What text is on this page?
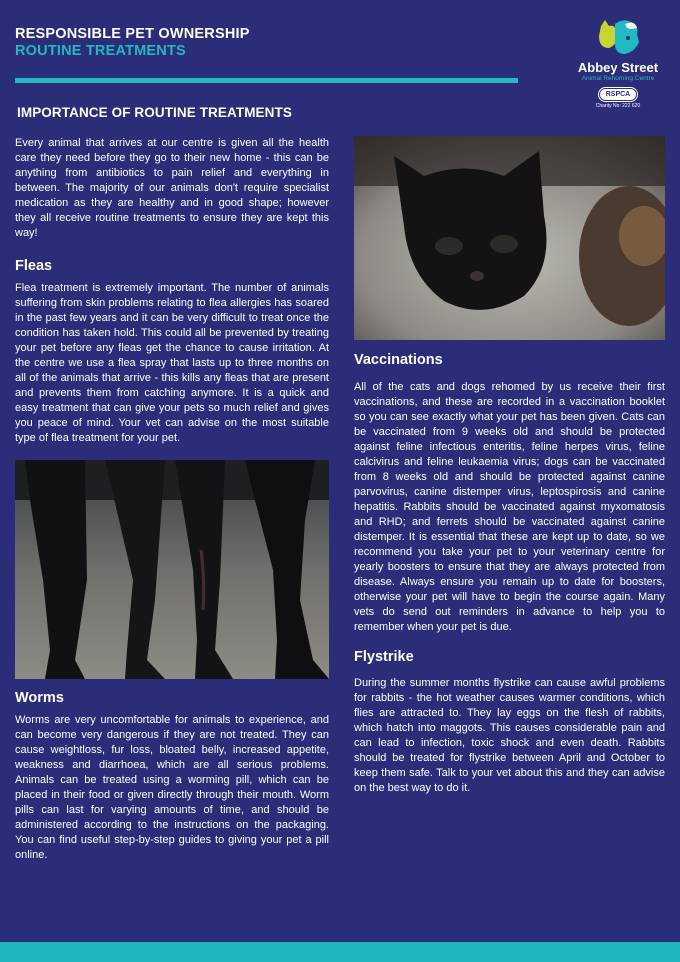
RESPONSIBLE PET OWNERSHIP
ROUTINE TREATMENTS
Abbey Street
Animal Rehoming Centre
RSPCA
Charity No: 222 620
IMPORTANCE OF ROUTINE TREATMENTS

Every animal that arrives at our centre is given all the health care they need before they go to their new home - this can be anything from antibiotics to pain relief and everything in between. The majority of our animals don't require specialist medication as they are healthy and in good shape; however they all receive routine treatments to ensure they are kept this way!

Fleas

Flea treatment is extremely important. The number of animals suffering from skin problems relating to flea allergies has soared in the past few years and it can be very difficult to treat once the condition has taken hold. This could all be prevented by treating your pet before any fleas get the chance to cause irritation. At the centre we use a flea spray that lasts up to three months on all of the animals that arrive - this kills any fleas that are present and prevents them from catching anymore. It is a quick and easy treatment that can give your pets so much relief and gives you peace of mind. Your vet can advise on the most suitable type of flea treatment for your pet.

Worms

Worms are very uncomfortable for animals to experience, and can become very dangerous if they are not treated. They can cause weightloss, fur loss, bloated belly, increased appetite, weakness and diarrhoea, which are all serious problems. Animals can be treated using a worming pill, which can be placed in their food or given directly through their mouth. Worm pills can last for varying amounts of time, and should be administered according to the instructions on the packaging. You can find useful step-by-step guides to giving your pet a pill online.

Vaccinations

All of the cats and dogs rehomed by us receive their first vaccinations, and these are recorded in a vaccination booklet so you can see exactly what your pet has been given. Cats can be vaccinated from 9 weeks old and should be protected against feline infectious enteritis, feline herpes virus, feline calcivirus and feline leukaemia virus; dogs can be vaccinated from 8 weeks old and should be protected against canine parvovirus, canine distemper virus, leptospirosis and canine hepatitis. Rabbits should be vaccinated against myxomatosis and RHD; and ferrets should be vaccinated against canine distemper. It is essential that these are kept up to date, so we recommend you take your pet to your veterinary centre for yearly boosters to ensure that they are always protected from disease. Always ensure you remain up to date for boosters, otherwise your pet will have to begin the course again. Many vets do send out reminders in advance to help you to remember when your pet is due.

Flystrike

During the summer months flystrike can cause awful problems for rabbits - the hot weather causes warmer conditions, which flies are attracted to. They lay eggs on the flesh of rabbits, which hatch into maggots. This causes considerable pain and can lead to infection, toxic shock and even death. Rabbits should be treated for flystrike between April and October to keep them safe. Talk to your vet about this and they can advise on the best way to do it.
